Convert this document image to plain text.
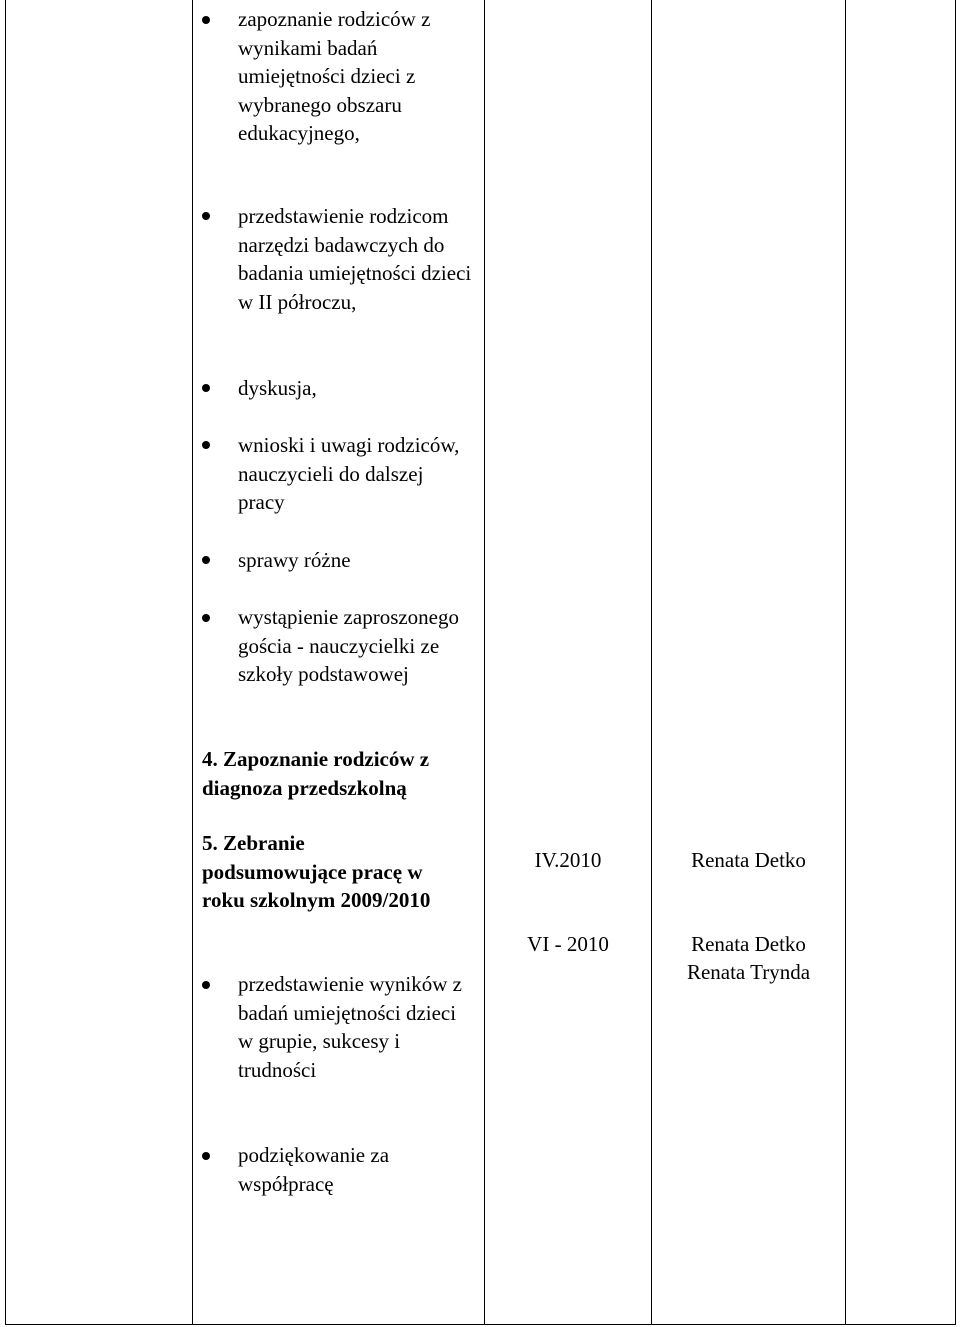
zapoznanie rodziców z wynikami badań umiejętności dzieci z wybranego obszaru edukacyjnego,
przedstawienie rodzicom narzędzi badawczych do badania umiejętności dzieci w II półroczu,
dyskusja,
wnioski i uwagi rodziców, nauczycieli do dalszej pracy
sprawy różne
wystąpienie zaproszonego gościa - nauczycielki ze szkoły podstawowej
4. Zapoznanie rodziców z diagnoza przedszkolną
5. Zebranie podsumowujące pracę w roku szkolnym 2009/2010
przedstawienie wyników z badań umiejętności dzieci w grupie, sukcesy i trudności
podziękowanie za współpracę
IV.2010
VI - 2010
Renata Detko
Renata Detko
Renata Trynda
